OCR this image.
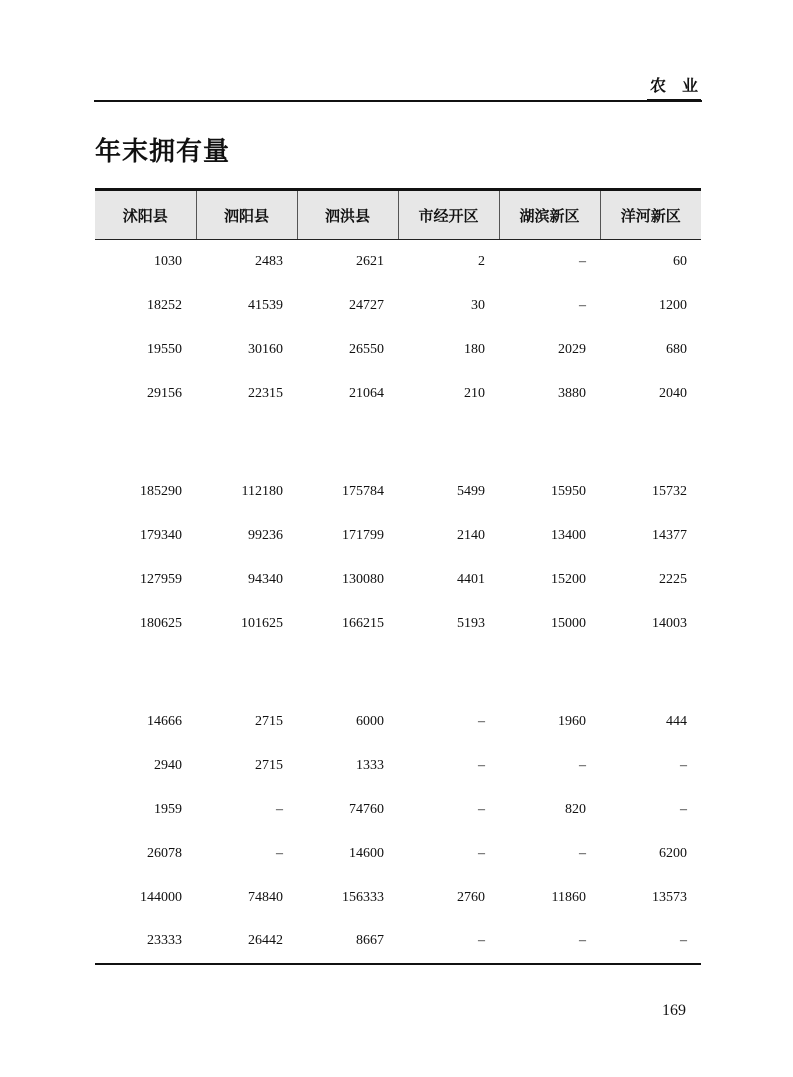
农　业
年末拥有量
沭阳县	泗阳县	泗洪县	市经开区	湖滨新区	洋河新区
1030	2483	2621	2	–	60
18252	41539	24727	30	–	1200
19550	30160	26550	180	2029	680
29156	22315	21064	210	3880	2040

185290	112180	175784	5499	15950	15732
179340	99236	171799	2140	13400	14377
127959	94340	130080	4401	15200	2225
180625	101625	166215	5193	15000	14003

14666	2715	6000	–	1960	444
2940	2715	1333	–	–	–
1959	–	74760	–	820	–
26078	–	14600	–	–	6200
144000	74840	156333	2760	11860	13573
23333	26442	8667	–	–	–
169
